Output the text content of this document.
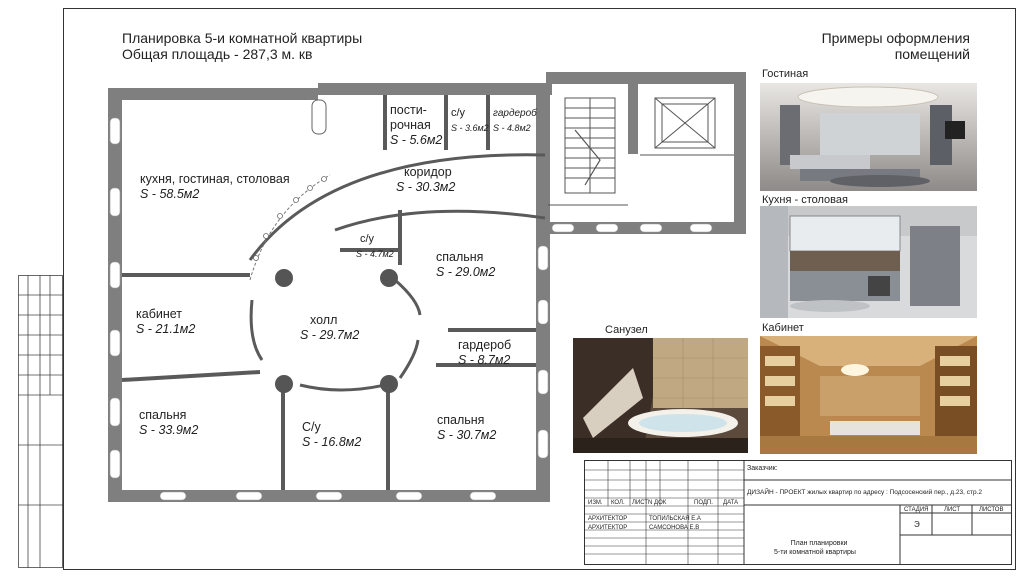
Планировка 5-и комнатной квартиры
Общая площадь - 287,3 м. кв
Примеры оформления
помещений
кухня, гостиная, столовая
S - 58.5м2
пости-
рочная
S - 5.6м2
с/у
S - 3.6м2
гардероб
S - 4.8м2
коридор
S - 30.3м2
с/у
S - 4.7м2	спальня
S - 29.0м2
кабинет
S - 21.1м2
холл
S - 29.7м2
гардероб
S - 8.7м2
спальня
S - 33.9м2	С/у
S - 16.8м2
спальня
S - 30.7м2
Гостиная
Кухня - столовая
Кабинет
Санузел
ИЗМ. КОЛ. ЛИСТ N ДОК	ПОДП. ДАТА
АРХИТЕКТОР	ТОПИЛЬСКАЯ Е.А
АРХИТЕКТОР	САМСОНОВА Е.В
Заказчик:
ДИЗАЙН - ПРОЕКТ жилых квартир по адресу : Подсосенский пер., д.23, стр.2
СТАДИЯ	ЛИСТ	ЛИСТОВ
Э
План планировки
5-ти комнатной квартиры
